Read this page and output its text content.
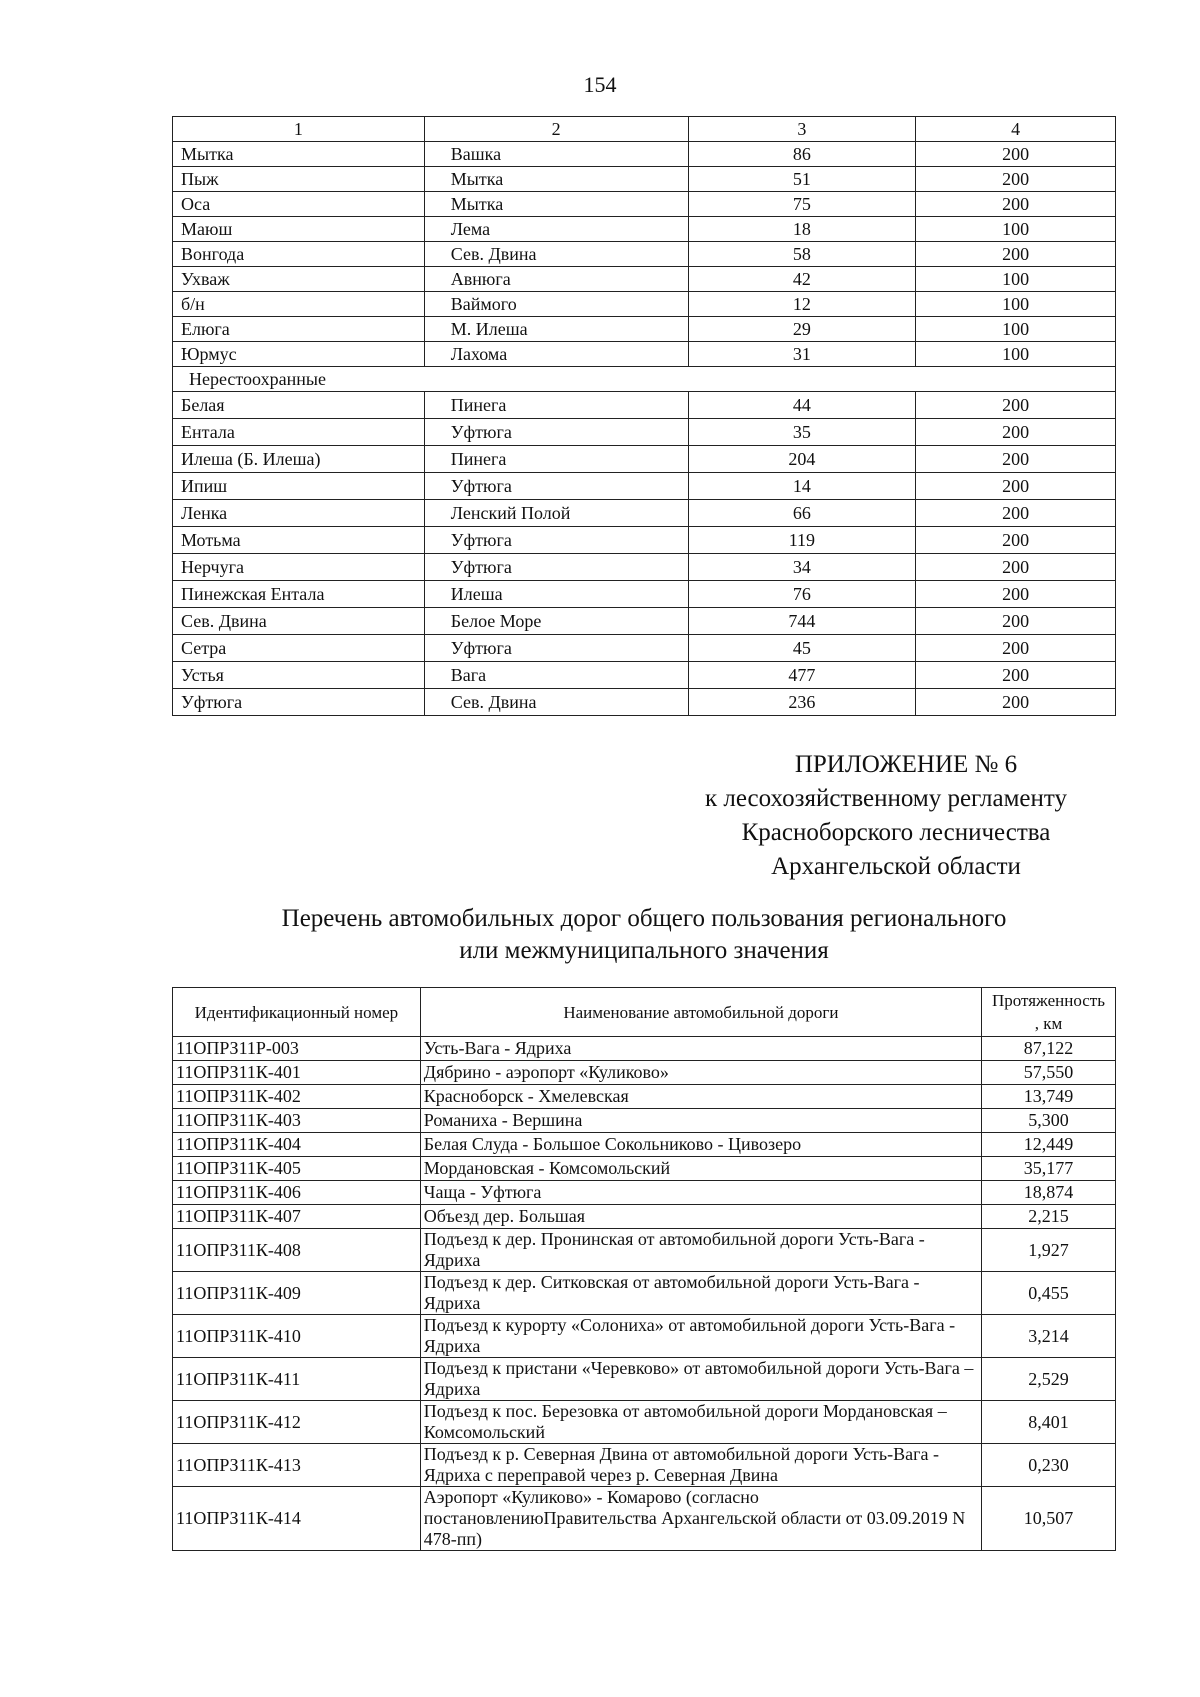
154
1	2	3	4
Мытка	Вашка	86	200
Пыж	Мытка	51	200
Оса	Мытка	75	200
Маюш	Лема	18	100
Вонгода	Сев. Двина	58	200
Ухваж	Авнюга	42	100
б/н	Ваймого	12	100
Елюга	М. Илеша	29	100
Юрмус	Лахома	31	100
Нерестоохранные			
Белая	Пинега	44	200
Ентала	Уфтюга	35	200
Илеша (Б. Илеша)	Пинега	204	200
Ипиш	Уфтюга	14	200
Ленка	Ленский Полой	66	200
Мотьма	Уфтюга	119	200
Нерчуга	Уфтюга	34	200
Пинежская Ентала	Илеша	76	200
Сев. Двина	Белое Море	744	200
Сетра	Уфтюга	45	200
Устья	Вага	477	200
Уфтюга	Сев. Двина	236	200
ПРИЛОЖЕНИЕ № 6
к лесохозяйственному регламенту
Красноборского лесничества
Архангельской области
Перечень автомобильных дорог общего пользования регионального
или межмуниципального значения
Идентификационный номер	Наименование автомобильной дороги	Протяженность , км
11ОПРЗ11Р-003	Усть-Вага - Ядриха	87,122
11ОПРЗ11К-401	Дябрино - аэропорт «Куликово»	57,550
11ОПРЗ11К-402	Красноборск - Хмелевская	13,749
11ОПРЗ11К-403	Романиха - Вершина	5,300
11ОПРЗ11К-404	Белая Слуда - Большое Сокольниково - Цивозеро	12,449
11ОПРЗ11К-405	Мордановская - Комсомольский	35,177
11ОПРЗ11К-406	Чаща - Уфтюга	18,874
11ОПРЗ11К-407	Объезд дер. Большая	2,215
11ОПРЗ11К-408	Подъезд к дер. Пронинская от автомобильной дороги Усть-Вага - Ядриха	1,927
11ОПРЗ11К-409	Подъезд к дер. Ситковская от автомобильной дороги Усть-Вага - Ядриха	0,455
11ОПРЗ11К-410	Подъезд к курорту «Солониха» от автомобильной дороги Усть-Вага - Ядриха	3,214
11ОПРЗ11К-411	Подъезд к пристани «Черевково» от автомобильной дороги Усть-Вага – Ядриха	2,529
11ОПРЗ11К-412	Подъезд к пос. Березовка от автомобильной дороги Мордановская – Комсомольский	8,401
11ОПРЗ11К-413	Подъезд к р. Северная Двина от автомобильной дороги Усть-Вага - Ядриха с переправой через р. Северная Двина	0,230
11ОПРЗ11К-414	Аэропорт «Куликово» - Комарово (согласно постановлениюПравительства Архангельской области от 03.09.2019 N 478-пп)	10,507
